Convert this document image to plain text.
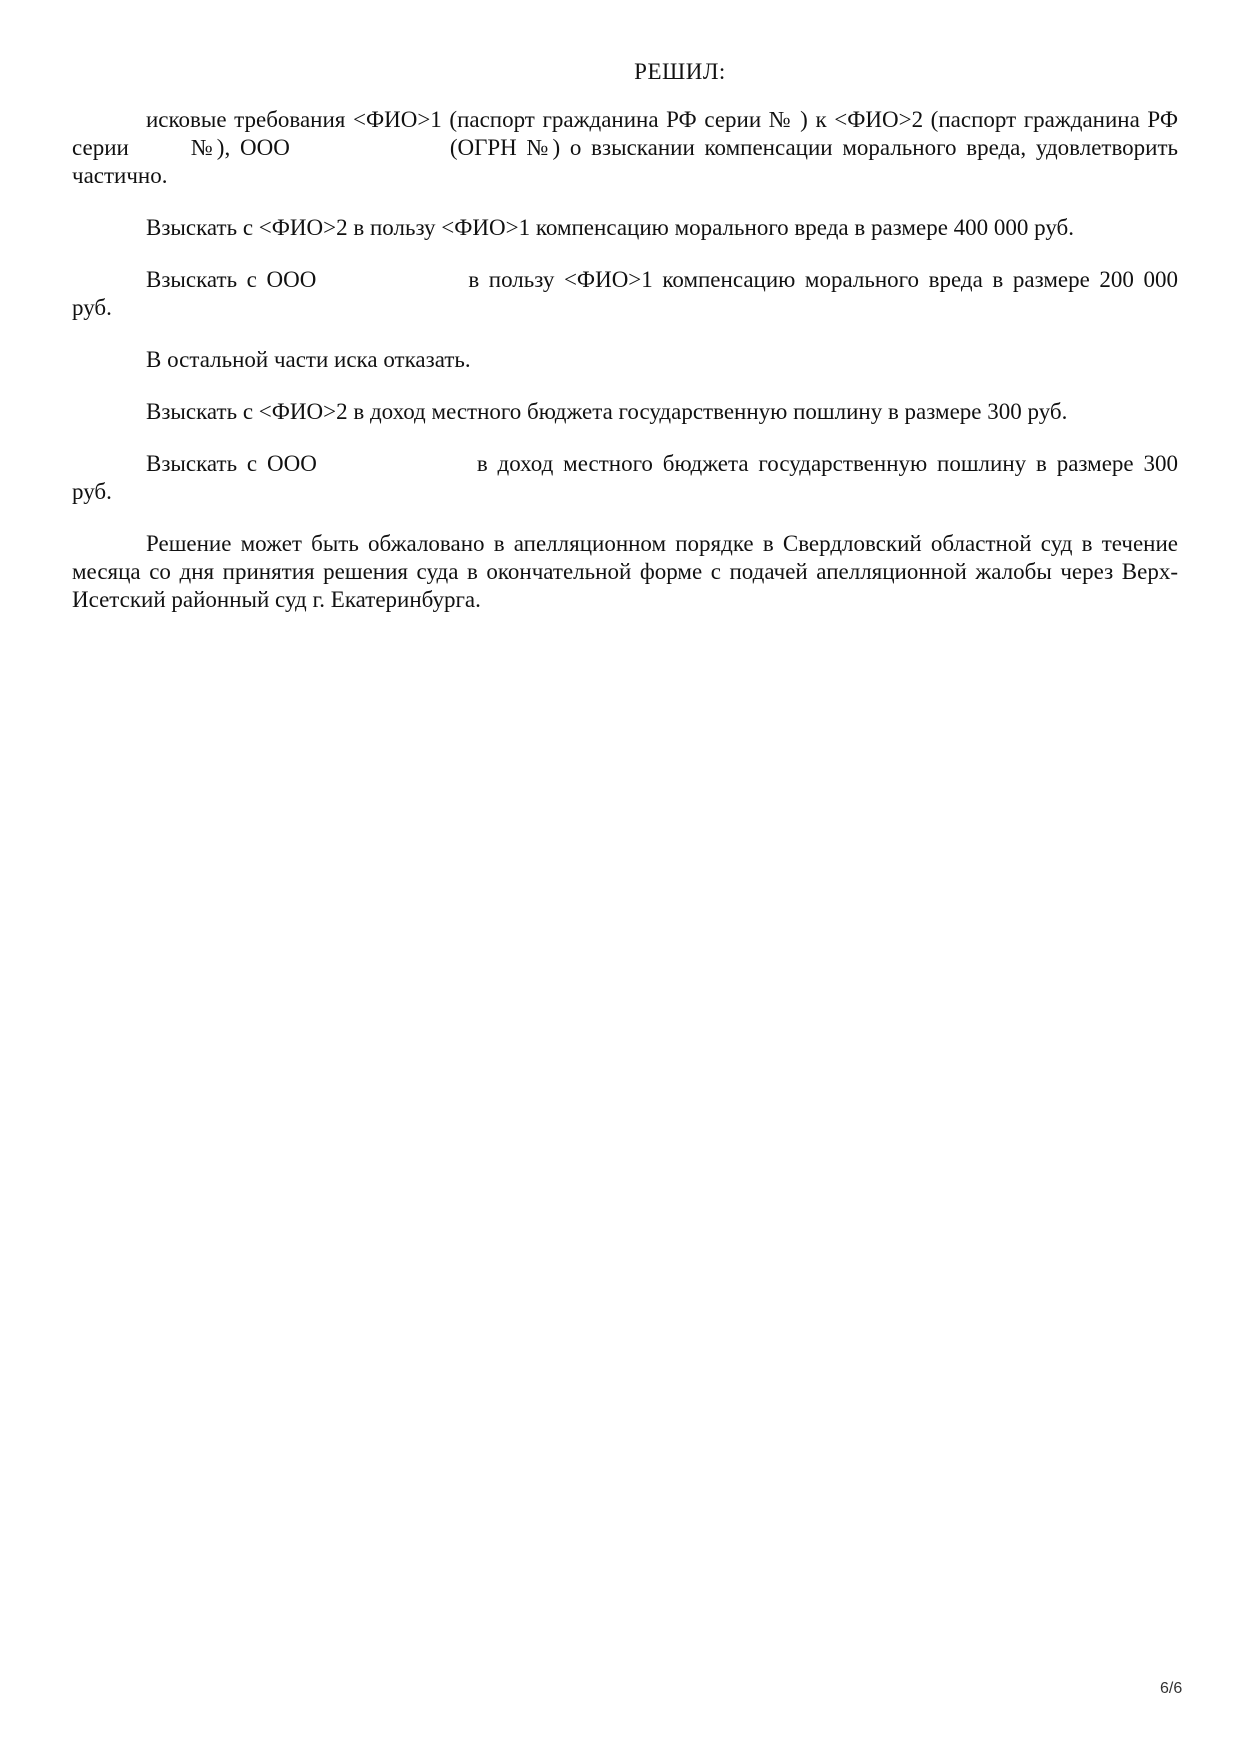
РЕШИЛ:

исковые требования <ФИО>1 (паспорт гражданина РФ серии № ) к <ФИО>2 (паспорт гражданина РФ серии	№), ООО	(ОГРН №) о взыскании компенсации морального вреда, удовлетворить частично.

Взыскать с <ФИО>2 в пользу <ФИО>1 компенсацию морального вреда в размере 400 000 руб.

Взыскать с ООО	в пользу <ФИО>1 компенсацию морального вреда в размере 200 000 руб.

В остальной части иска отказать.

Взыскать с <ФИО>2 в доход местного бюджета государственную пошлину в размере 300 руб.

Взыскать с ООО	в доход местного бюджета государственную пошлину в размере 300 руб.

Решение может быть обжаловано в апелляционном порядке в Свердловский областной суд в течение месяца со дня принятия решения суда в окончательной форме с подачей апелляционной жалобы через Верх-Исетский районный суд г. Екатеринбурга.

6/6
